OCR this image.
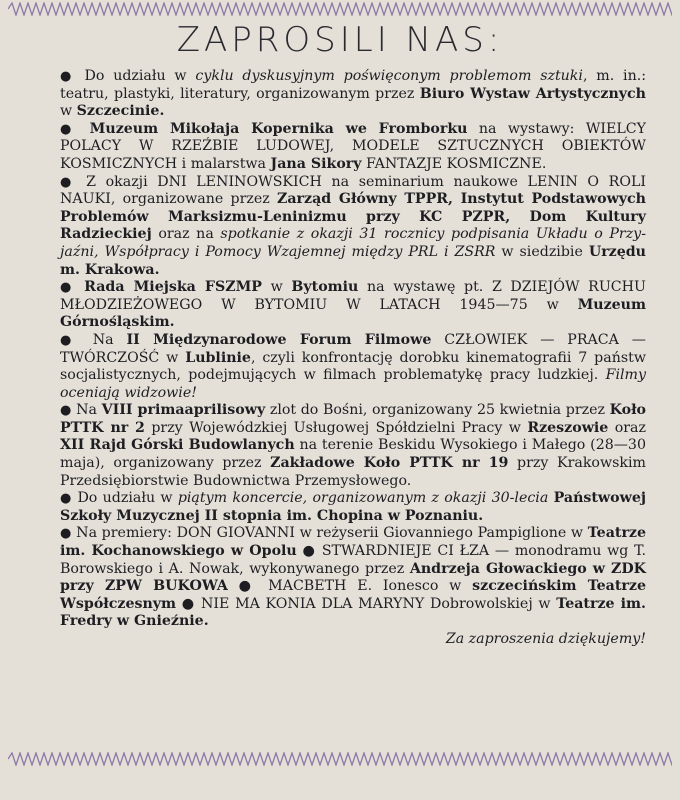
ZAPROSILI NAS:

● Do udziału w cyklu dyskusyjnym poświęconym problemom sztuki, m. in.: teatru, plastyki, literatury, organizowanym przez Biuro Wystaw Artystycznych w Szczecinie.

● Muzeum Mikołaja Kopernika we Fromborku na wystawy: WIELCY POLACY W RZEŹBIE LUDOWEJ, MODELE SZTUCZNYCH OBIEKTÓW KOSMICZNYCH i malarstwa Jana Sikory FANTAZJE KOSMICZNE.

● Z okazji DNI LENINOWSKICH na seminarium naukowe LENIN O ROLI NAUKI, organizowane przez Zarząd Główny TPPR, Instytut Podstawowych Problemów Marksizmu-Leninizmu przy KC PZPR, Dom Kultury Radzieckiej oraz na spotkanie z okazji 31 rocznicy podpisania Układu o Przyjaźni, Współpracy i Pomocy Wzajemnej między PRL i ZSRR w siedzibie Urzędu m. Krakowa.

● Rada Miejska FSZMP w Bytomiu na wystawę pt. Z DZIEJÓW RUCHU MŁODZIEŻOWEGO W BYTOMIU W LATACH 1945—75 w Muzeum Górnośląskim.

● Na II Międzynarodowe Forum Filmowe CZŁOWIEK — PRACA — TWÓRCZOŚĆ w Lublinie, czyli konfrontację dorobku kinematografii 7 państw socjalistycznych, podejmujących w filmach problematykę pracy ludzkiej. Filmy oceniają widzowie!

● Na VIII primaaprilisowy zlot do Bośni, organizowany 25 kwietnia przez Koło PTTK nr 2 przy Wojewódzkiej Usługowej Spółdzielni Pracy w Rzeszowie oraz XII Rajd Górski Budowlanych na terenie Beskidu Wysokiego i Małego (28—30 maja), organizowany przez Zakładowe Koło PTTK nr 19 przy Krakowskim Przedsiębiorstwie Budownictwa Przemysłowego.

● Do udziału w piątym koncercie, organizowanym z okazji 30-lecia Państwowej Szkoły Muzycznej II stopnia im. Chopina w Poznaniu.

● Na premiery: DON GIOVANNI w reżyserii Giovanniego Pampiglione w Teatrze im. Kochanowskiego w Opolu ● STWARDNIEJE CI ŁZA — monodramu wg T. Borowskiego i A. Nowak, wykonywanego przez Andrzeja Głowackiego w ZDK przy ZPW BUKOWA ● MACBETH E. Ionesco w szczecińskim Teatrze Współczesnym ● NIE MA KONIA DLA MARYNY Dobrowolskiej w Teatrze im. Fredry w Gnieźnie.

Za zaproszenia dziękujemy!
